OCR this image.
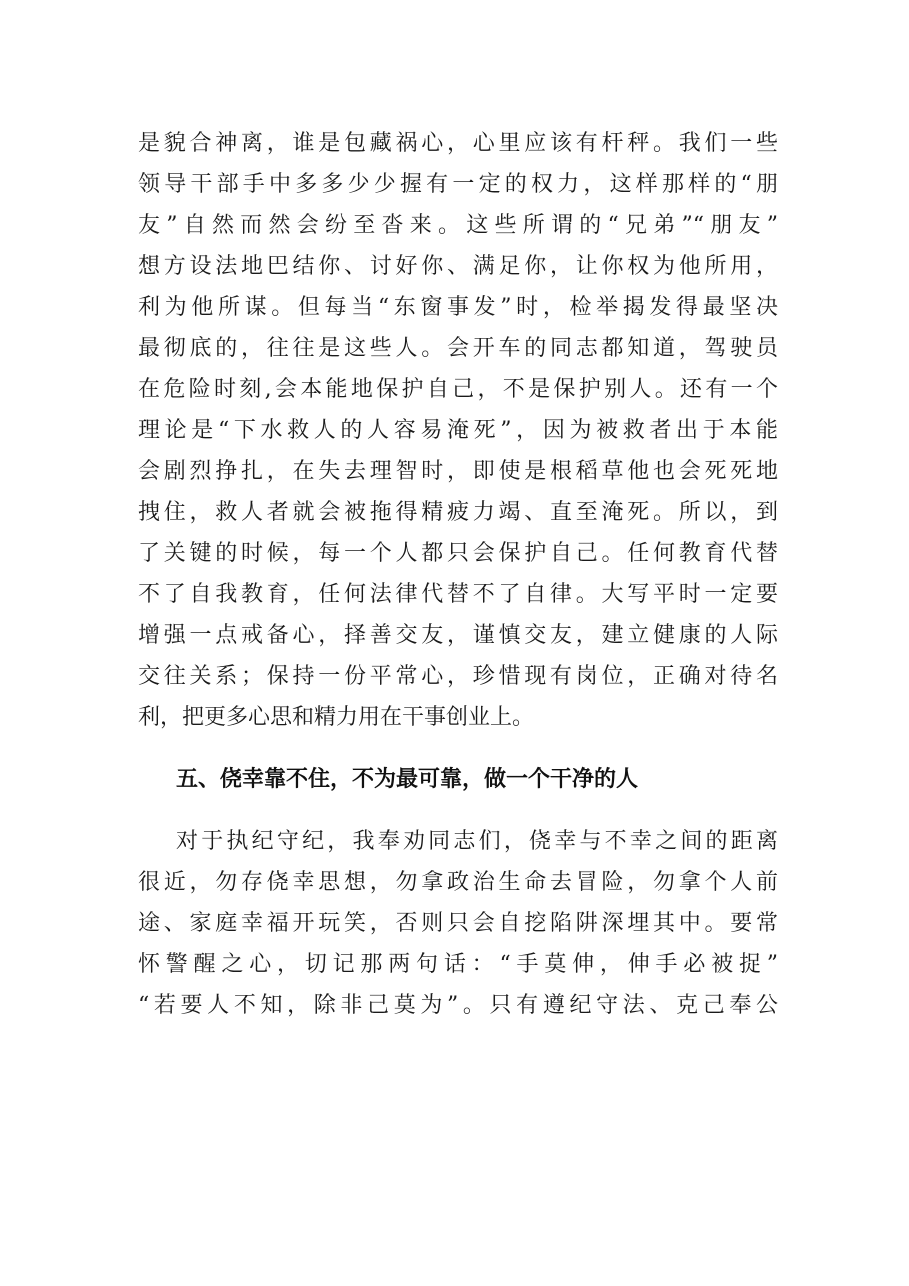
是貌合神离，谁是包藏祸心，心里应该有杆秤。我们一些
领导干部手中多多少少握有一定的权力，这样那样的“朋
友”自然而然会纷至沓来。这些所谓的“兄弟”“朋友”
想方设法地巴结你、讨好你、满足你，让你权为他所用，
利为他所谋。但每当“东窗事发”时，检举揭发得最坚决
最彻底的，往往是这些人。会开车的同志都知道，驾驶员
在危险时刻,会本能地保护自己，不是保护别人。还有一个
理论是“下水救人的人容易淹死”，因为被救者出于本能
会剧烈挣扎，在失去理智时，即使是根稻草他也会死死地
拽住，救人者就会被拖得精疲力竭、直至淹死。所以，到
了关键的时候，每一个人都只会保护自己。任何教育代替
不了自我教育，任何法律代替不了自律。大写平时一定要
增强一点戒备心，择善交友，谨慎交友，建立健康的人际
交往关系；保持一份平常心，珍惜现有岗位，正确对待名
利，把更多心思和精力用在干事创业上。
五、侥幸靠不住，不为最可靠，做一个干净的人
对于执纪守纪，我奉劝同志们，侥幸与不幸之间的距离
很近，勿存侥幸思想，勿拿政治生命去冒险，勿拿个人前
途、家庭幸福开玩笑，否则只会自挖陷阱深埋其中。要常
怀警醒之心，切记那两句话：“手莫伸，伸手必被捉”
“若要人不知，除非己莫为”。只有遵纪守法、克己奉公
